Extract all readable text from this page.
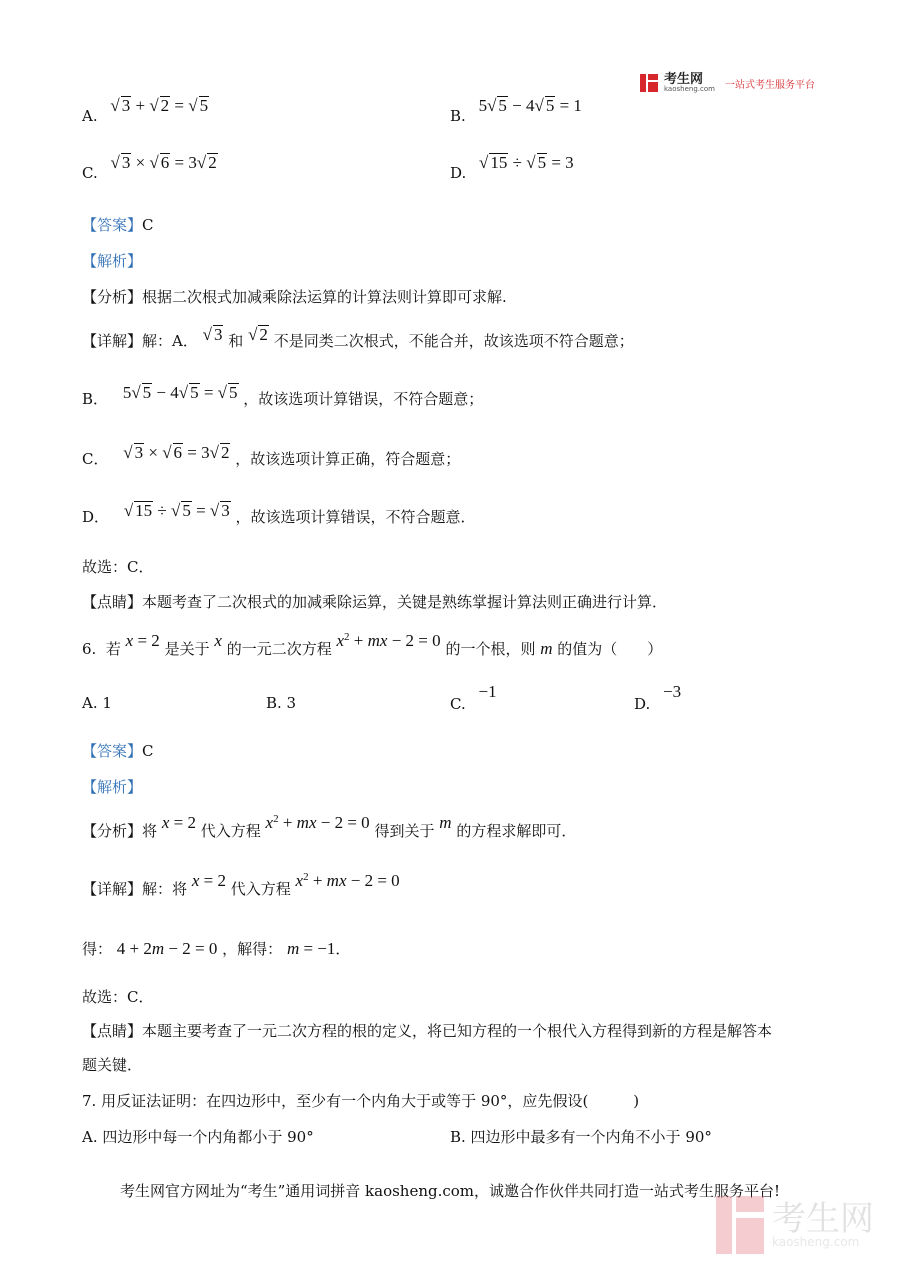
考生网
kaosheng.com 一站式考生服务平台
A. √ 3 + √ 2 = √ 5
B. 5√ 5 − 4√ 5 = 1
C. √ 3 × √ 6 = 3√ 2
D. √ 15 ÷ √ 5 = 3
【答案】C
【解析】
【分析】根据二次根式加减乘除法运算的计算法则计算即可求解.
【详解】解：A． √ 3 和 √ 2 不是同类二次根式，不能合并，故该选项不符合题意；
B． 5√ 5 − 4√ 5 = √ 5 ，故该选项计算错误，不符合题意；
C． √ 3 × √ 6 = 3√ 2 ，故该选项计算正确，符合题意；
D． √ 15 ÷ √ 5 = √ 3 ，故该选项计算错误，不符合题意．
故选：C．
【点睛】本题考查了二次根式的加减乘除运算，关键是熟练掌握计算法则正确进行计算．
6. 若 x = 2 是关于 x 的一元二次方程 $x^2$ + mx − 2 = 0 的一个根，则 m 的值为（　　）
A. 1	B. 3	C. −1
D. −3
【答案】C
【解析】
【分析】将 x = 2 代入方程 $x^2$ + mx − 2 = 0 得到关于 m 的方程求解即可．
【详解】解：将 x = 2 代入方程 $x^2$ + mx − 2 = 0
得： 4 + 2m − 2 = 0 ，解得： m = −1．
故选：C．
【点睛】本题主要考查了一元二次方程的根的定义，将已知方程的一个根代入方程得到新的方程是解答本
题关键．
7. 用反证法证明：在四边形中，至少有一个内角大于或等于 90°，应先假设(　　　)
A. 四边形中每一个内角都小于 90°	B. 四边形中最多有一个内角不小于 90°
考生网官方网址为“考生”通用词拼音 kaosheng.com，诚邀合作伙伴共同打造一站式考生服务平台!
考生网
kaosheng.com
